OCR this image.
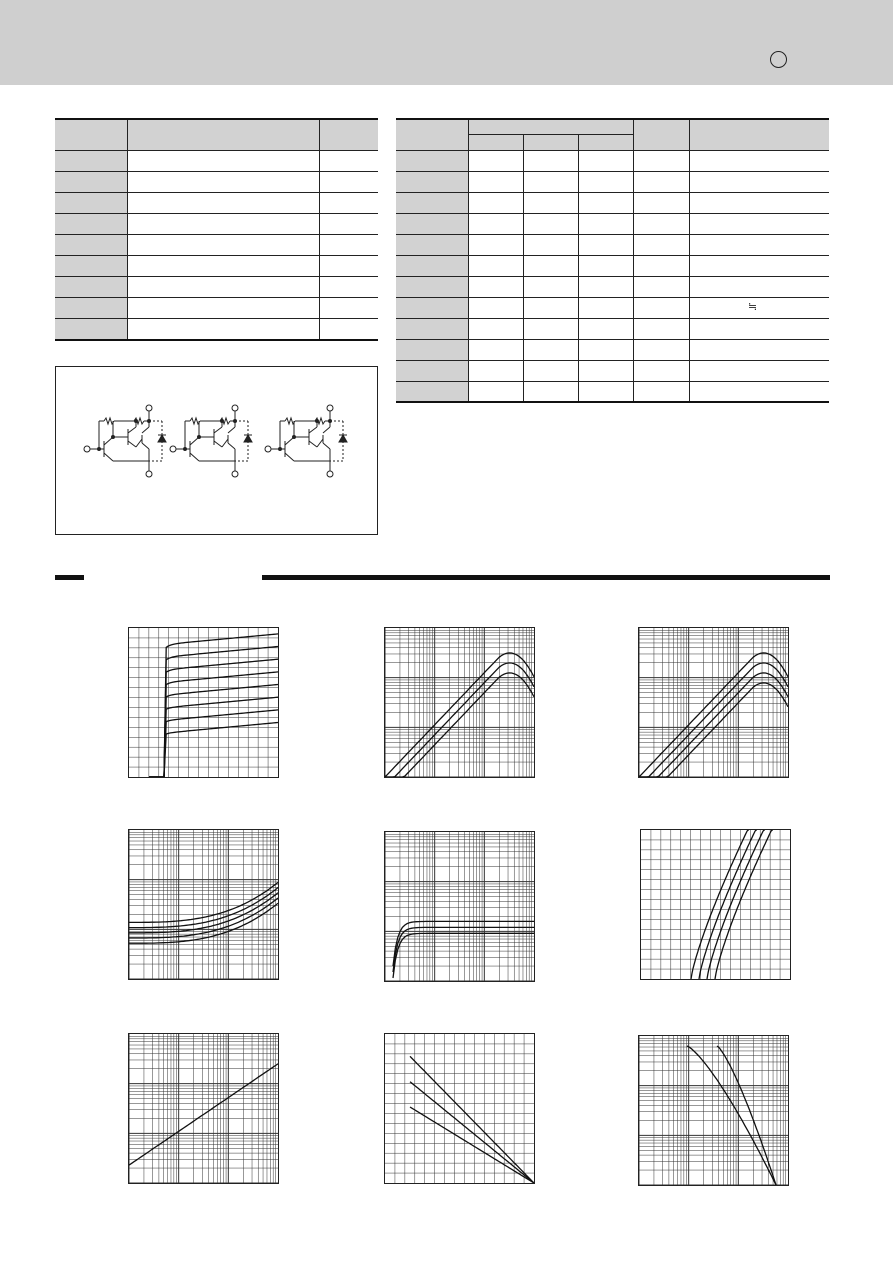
≒
